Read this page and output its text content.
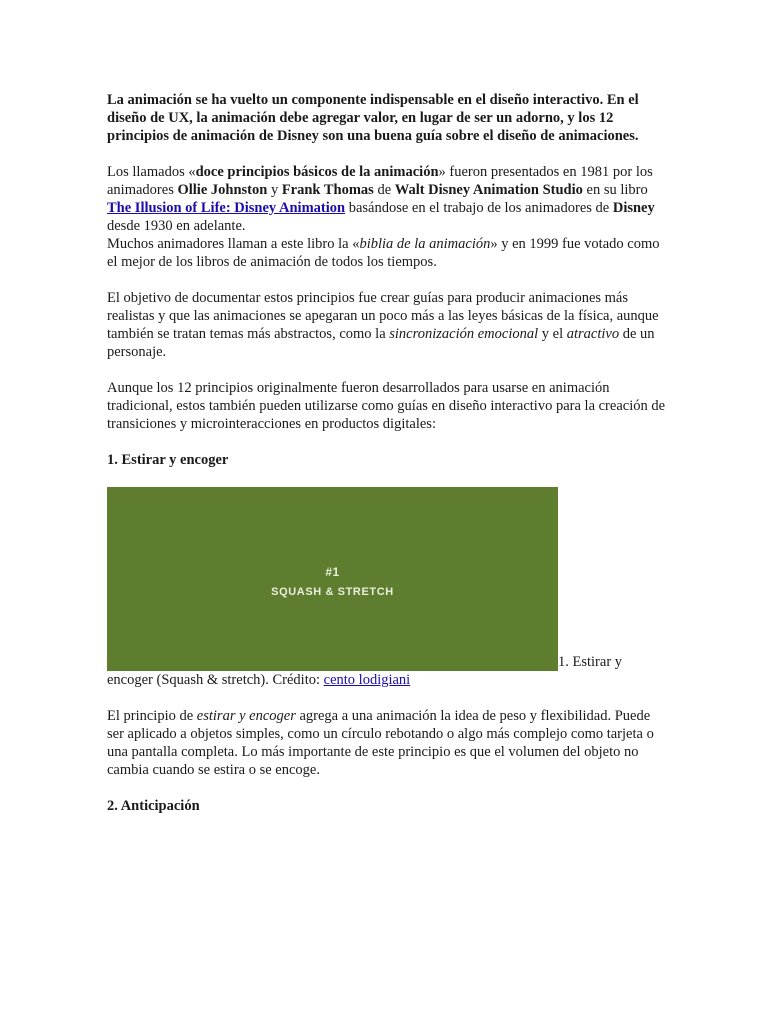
La animación se ha vuelto un componente indispensable en el diseño interactivo. En el diseño de UX, la animación debe agregar valor, en lugar de ser un adorno, y los 12 principios de animación de Disney son una buena guía sobre el diseño de animaciones.

Los llamados «doce principios básicos de la animación» fueron presentados en 1981 por los animadores Ollie Johnston y Frank Thomas de Walt Disney Animation Studio en su libro The Illusion of Life: Disney Animation basándose en el trabajo de los animadores de Disney desde 1930 en adelante.
Muchos animadores llaman a este libro la «biblia de la animación» y en 1999 fue votado como el mejor de los libros de animación de todos los tiempos.

El objetivo de documentar estos principios fue crear guías para producir animaciones más realistas y que las animaciones se apegaran un poco más a las leyes básicas de la física, aunque también se tratan temas más abstractos, como la sincronización emocional y el atractivo de un personaje.

Aunque los 12 principios originalmente fueron desarrollados para usarse en animación tradicional, estos también pueden utilizarse como guías en diseño interactivo para la creación de transiciones y microinteracciones en productos digitales:

1. Estirar y encoger

#1
SQUASH & STRETCH
1. Estirar y encoger (Squash & stretch). Crédito: cento lodigiani

El principio de estirar y encoger agrega a una animación la idea de peso y flexibilidad. Puede ser aplicado a objetos simples, como un círculo rebotando o algo más complejo como tarjeta o una pantalla completa. Lo más importante de este principio es que el volumen del objeto no cambia cuando se estira o se encoge.

2. Anticipación
